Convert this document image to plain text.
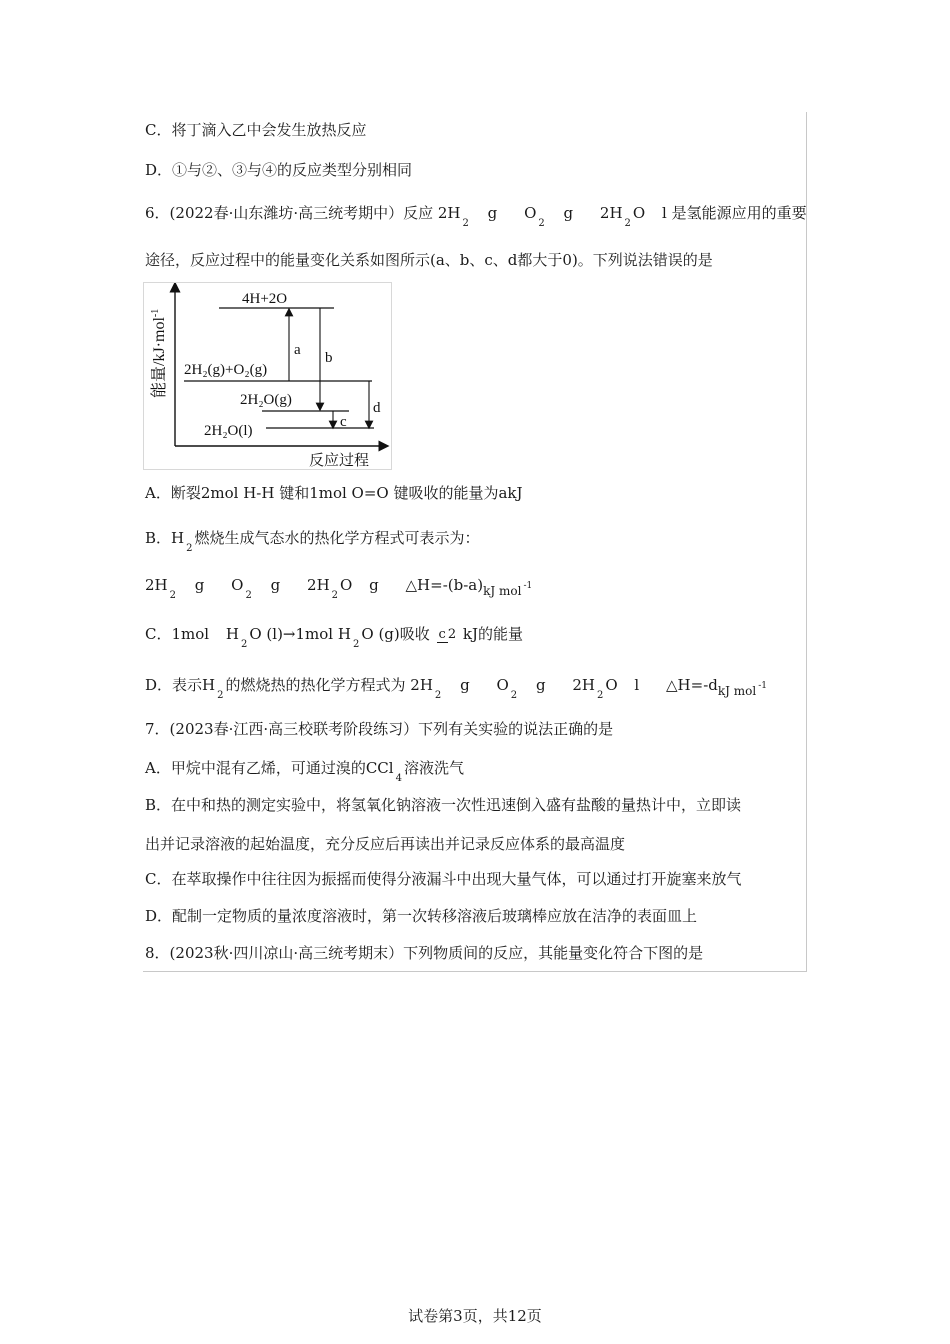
C．将丁滴入乙中会发生放热反应
D．①与②、③与④的反应类型分别相同
6．(2022春·山东潍坊·高三统考期中）反应 2H2 g O2 g 2H2O l 是氢能源应用的重要
途径，反应过程中的能量变化关系如图所示(a、b、c、d都大于0)。下列说法错误的是
能量/kJ·mol$^{-1}$
反应过程
4H+2O
2H₂(g)+O₂(g)
2H₂O(g)
2H₂O(l)
a b
c
d
A．断裂2mol H-H 键和1mol O=O 键吸收的能量为akJ
B．H2燃烧生成气态水的热化学方程式可表示为：
2H2 g O2 g 2H2O g △H=-(b-a)kJ mol -1
C．1mol H2O (l)→1mol H2O (g)吸收 c 2 kJ的能量
D．表示H2的燃烧热的热化学方程式为 2H2 g O2 g 2H2O l △H=-dkJ mol -1
7．(2023春·江西·高三校联考阶段练习）下列有关实验的说法正确的是
A．甲烷中混有乙烯，可通过溴的CCl$_4$溶液洗气
B．在中和热的测定实验中，将氢氧化钠溶液一次性迅速倒入盛有盐酸的量热计中，立即读
出并记录溶液的起始温度，充分反应后再读出并记录反应体系的最高温度
C．在萃取操作中往往因为振摇而使得分液漏斗中出现大量气体，可以通过打开旋塞来放气
D．配制一定物质的量浓度溶液时，第一次转移溶液后玻璃棒应放在洁净的表面皿上
8．(2023秋·四川凉山·高三统考期末）下列物质间的反应，其能量变化符合下图的是
试卷第3页，共12页
